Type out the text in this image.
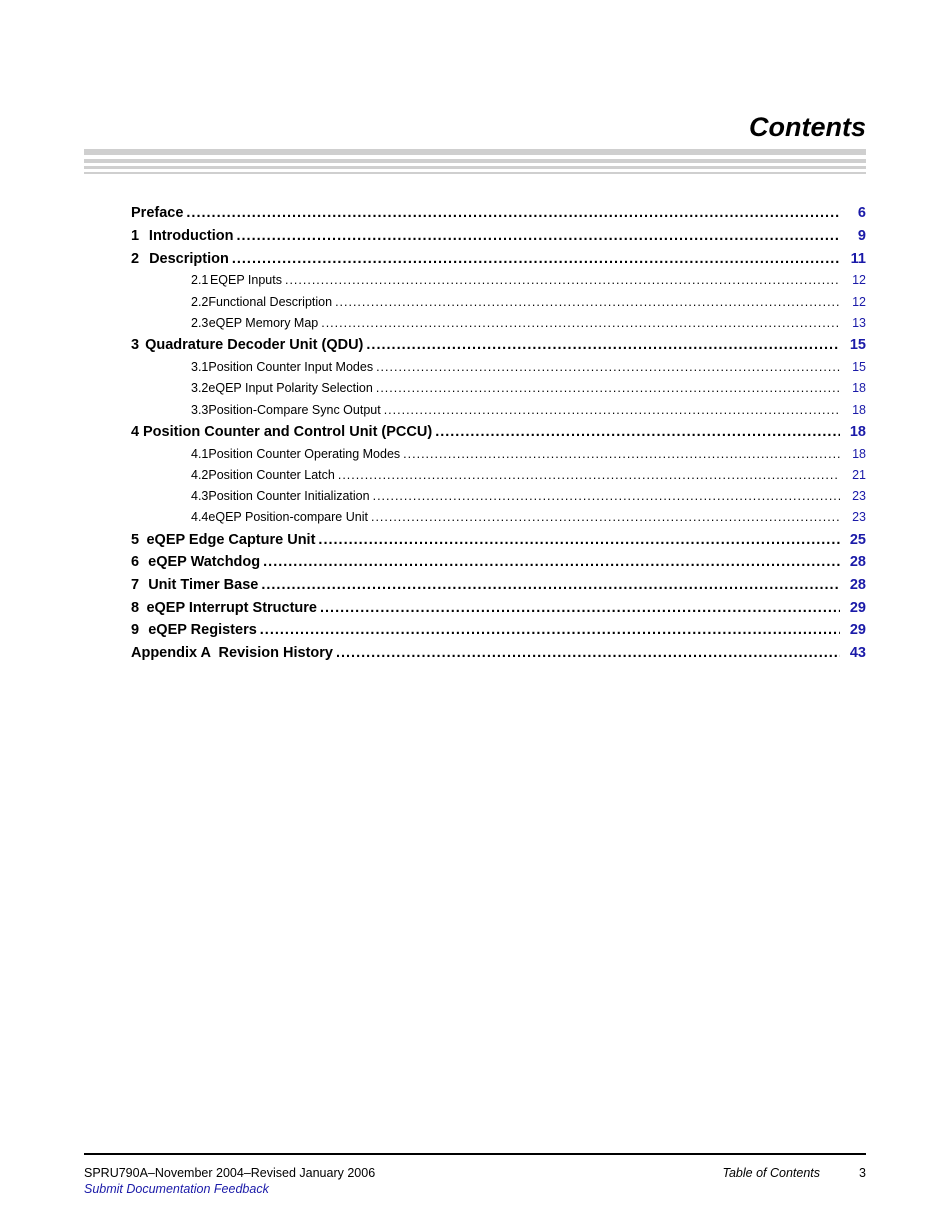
Contents
Preface .....	6
1 Introduction .....	9
2 Description .....	11
2.1 EQEP Inputs .....	12
2.2 Functional Description .....	12
2.3 eQEP Memory Map .....	13
3 Quadrature Decoder Unit (QDU) .....	15
3.1 Position Counter Input Modes .....	15
3.2 eQEP Input Polarity Selection .....	18
3.3 Position-Compare Sync Output .....	18
4 Position Counter and Control Unit (PCCU) .....	18
4.1 Position Counter Operating Modes .....	18
4.2 Position Counter Latch .....	21
4.3 Position Counter Initialization .....	23
4.4 eQEP Position-compare Unit .....	23
5 eQEP Edge Capture Unit .....	25
6 eQEP Watchdog .....	28
7 Unit Timer Base .....	28
8 eQEP Interrupt Structure .....	29
9 eQEP Registers .....	29
Appendix A  Revision History .....	43
SPRU790A–November 2004–Revised January 2006
Submit Documentation Feedback
Table of Contents	3
